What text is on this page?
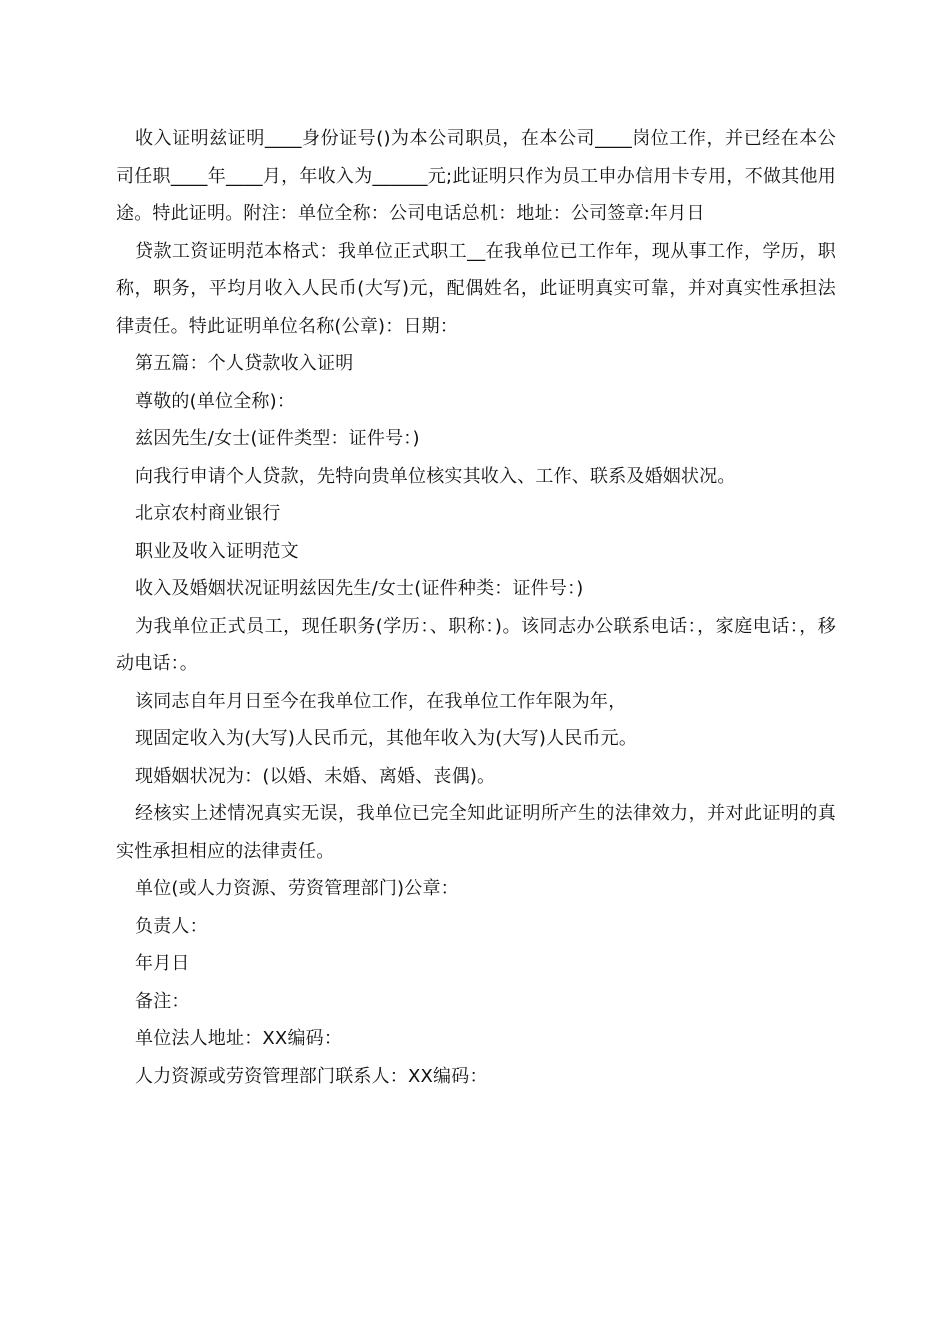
收入证明兹证明____身份证号()为本公司职员，在本公司____岗位工作，并已经在本公司任职____年____月，年收入为______元;此证明只作为员工申办信用卡专用，不做其他用途。特此证明。附注：单位全称：公司电话总机：地址：公司签章:年月日

贷款工资证明范本格式：我单位正式职工__在我单位已工作年，现从事工作，学历，职称，职务，平均月收入人民币(大写)元，配偶姓名，此证明真实可靠，并对真实性承担法律责任。特此证明单位名称(公章)：日期：

第五篇：个人贷款收入证明

尊敬的(单位全称)：

兹因先生/女士(证件类型：证件号：)

向我行申请个人贷款，先特向贵单位核实其收入、工作、联系及婚姻状况。

北京农村商业银行

职业及收入证明范文

收入及婚姻状况证明兹因先生/女士(证件种类：证件号：)

为我单位正式员工，现任职务(学历：、职称：)。该同志办公联系电话：，家庭电话：，移动电话：。

该同志自年月日至今在我单位工作，在我单位工作年限为年，

现固定收入为(大写)人民币元，其他年收入为(大写)人民币元。

现婚姻状况为：(以婚、未婚、离婚、丧偶)。

经核实上述情况真实无误，我单位已完全知此证明所产生的法律效力，并对此证明的真实性承担相应的法律责任。

单位(或人力资源、劳资管理部门)公章：

负责人：

年月日

备注：

单位法人地址：XX编码：

人力资源或劳资管理部门联系人：XX编码：
